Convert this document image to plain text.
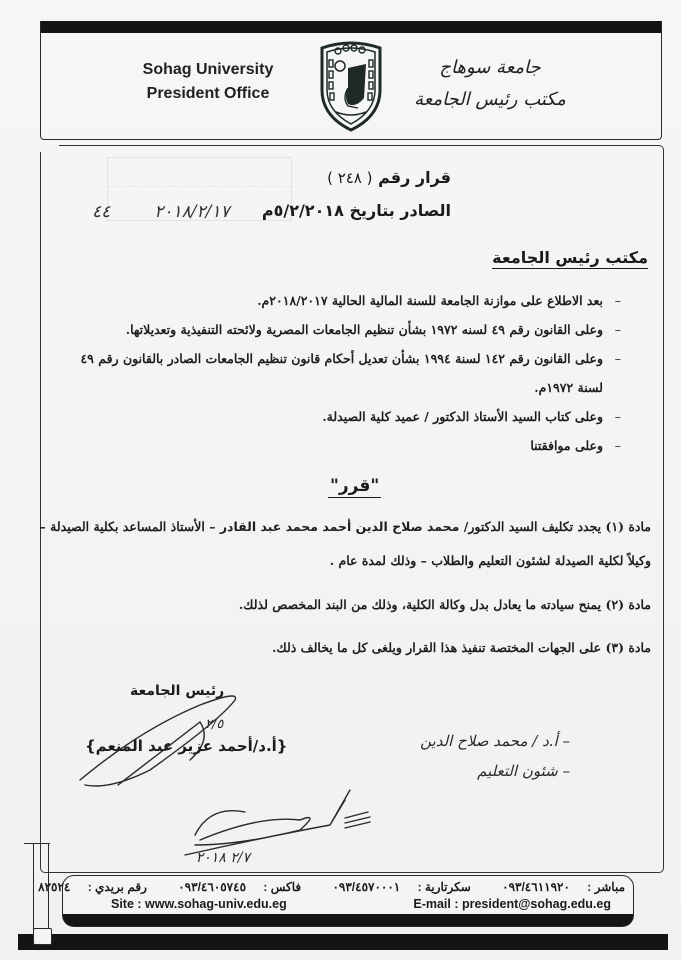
Sohag University
President Office
جامعة سوهاج
مكتب رئيس الجامعة
قرار رقم ( ٢٤٨ )
الصادر بتاريخ ٥/٢/٢٠١٨م
٤٤	٢٠١٨/٢/١٧
مكتب رئيس الجامعة
– بعد الاطلاع على موازنة الجامعة للسنة المالية الحالية ٢٠١٨/٢٠١٧م.
– وعلى القانون رقم ٤٩ لسنه ١٩٧٢ بشأن تنظيم الجامعات المصرية ولائحته التنفيذية وتعديلاتها.
– وعلى القانون رقم ١٤٢ لسنة ١٩٩٤ بشأن تعديل أحكام قانون تنظيم الجامعات الصادر بالقانون رقم ٤٩ لسنة ١٩٧٢م.
– وعلى كتاب السيد الأستاذ الدكتور / عميد كلية الصيدلة.
– وعلى موافقتنا
"قرر"

مادة (١) يجدد تكليف السيد الدكتور/ محمد صلاح الدين أحمد محمد عبد القادر – الأستاذ المساعد بكلية الصيدلة – وكيلاً لكلية الصيدلة لشئون التعليم والطلاب – وذلك لمدة عام .

مادة (٢) يمنح سيادته ما يعادل بدل وكالة الكلية، وذلك من البند المخصص لذلك.

مادة (٣) على الجهات المختصة تنفيذ هذا القرار ويلغى كل ما يخالف ذلك.

رئيس الجامعة
{أ.د/أحمد عزيز عبد المنعم}	– أ.د / محمد صلاح الدين
– شئون التعليم
٢/٥
٢/٧ ٢٠١٨
مباشر : ٠٩٣/٤٦١١٩٢٠ سكرتارية : ٠٩٣/٤٥٧٠٠٠١ فاكس : ٠٩٣/٤٦٠٥٧٤٥ رقم بريدي : ٨٢٥٢٤
Site : www.sohag-univ.edu.eg	E-mail : president@sohag.edu.eg
